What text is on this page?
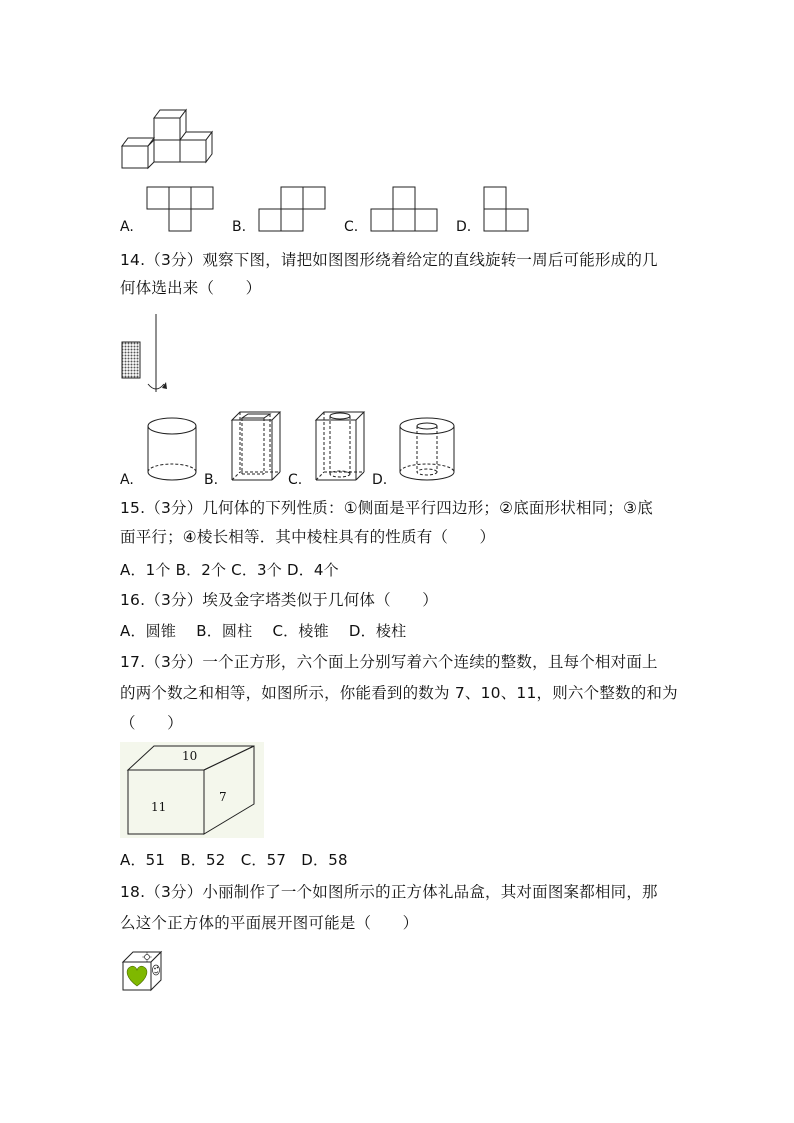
A.	B.	C.	D.
14.（3分）观察下图，请把如图图形绕着给定的直线旋转一周后可能形成的几
何体选出来（　　）
A.	B.	C.	D.
15.（3分）几何体的下列性质：①侧面是平行四边形；②底面形状相同；③底
面平行；④棱长相等．其中棱柱具有的性质有（　　）
A．1个 B．2个 C．3个 D．4个
16.（3分）埃及金字塔类似于几何体（　　）
A．圆锥　 B．圆柱　 C．棱锥　 D．棱柱
17.（3分）一个正方形，六个面上分别写着六个连续的整数，且每个相对面上
的两个数之和相等，如图所示，你能看到的数为 7、10、11，则六个整数的和为
（　　）
10
11
7
A．51　B．52　C．57　D．58
18.（3分）小丽制作了一个如图所示的正方体礼品盒，其对面图案都相同，那
么这个正方体的平面展开图可能是（　　）
